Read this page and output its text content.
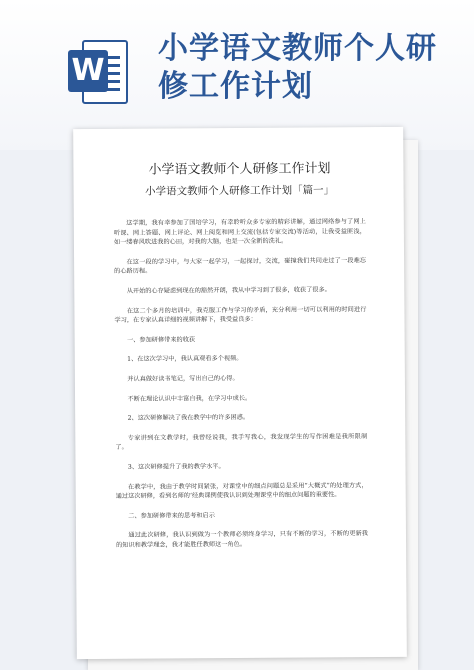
W
小学语文教师个人研修工作计划
小学语文教师个人研修工作计划
小学语文教师个人研修工作计划「篇一」

这学期，我有幸参加了国培学习，有幸聆听众多专家的精彩讲解，通过网络参与了网上听课、网上答题、网上评论、网上阅览和网上交流(包括专家交流)等活动，让我受益匪浅，如一缕春风吹进我的心田，对我的大脑，也是一次全新的洗礼。

在这一段的学习中，与大家一起学习，一起探讨，交流，碰撞我们共同走过了一段难忘的心路历程。

从开始的心存疑虑到现在的豁然开朗，我从中学习到了很多，收获了很多。

在这二个多月的培训中，我克服工作与学习的矛盾，充分利用一切可以利用的时间进行学习，在专家认真详细的视频讲解下，我受益良多：

一、参加研修带来的收获

1、在这次学习中，我认真观看多个视频。

并认真做好读书笔记，写出自己的心得。

不断在理论认识中丰富自我，在学习中成长。

2、这次研修解决了我在教学中的许多困惑。

专家讲到在文教学时，我曾经说我，我手写我心，我发现学生的写作困难是我所限制了。

3、这次研修提升了我的教学水平。

在教学中，我由于教学时间紧张，对课堂中的细点问题总是采用“大概式”的处理方式，通过这次研修，看到名师的‘经典课例使我认识到处理课堂中的细点问题的重要性。

二、参加研修带来的思考和启示

通过此次研修，我认识到做为一个教师必须终身学习，只有不断的学习，不断的更新我的知识和教学理念，我才能胜任教师这一角色。
